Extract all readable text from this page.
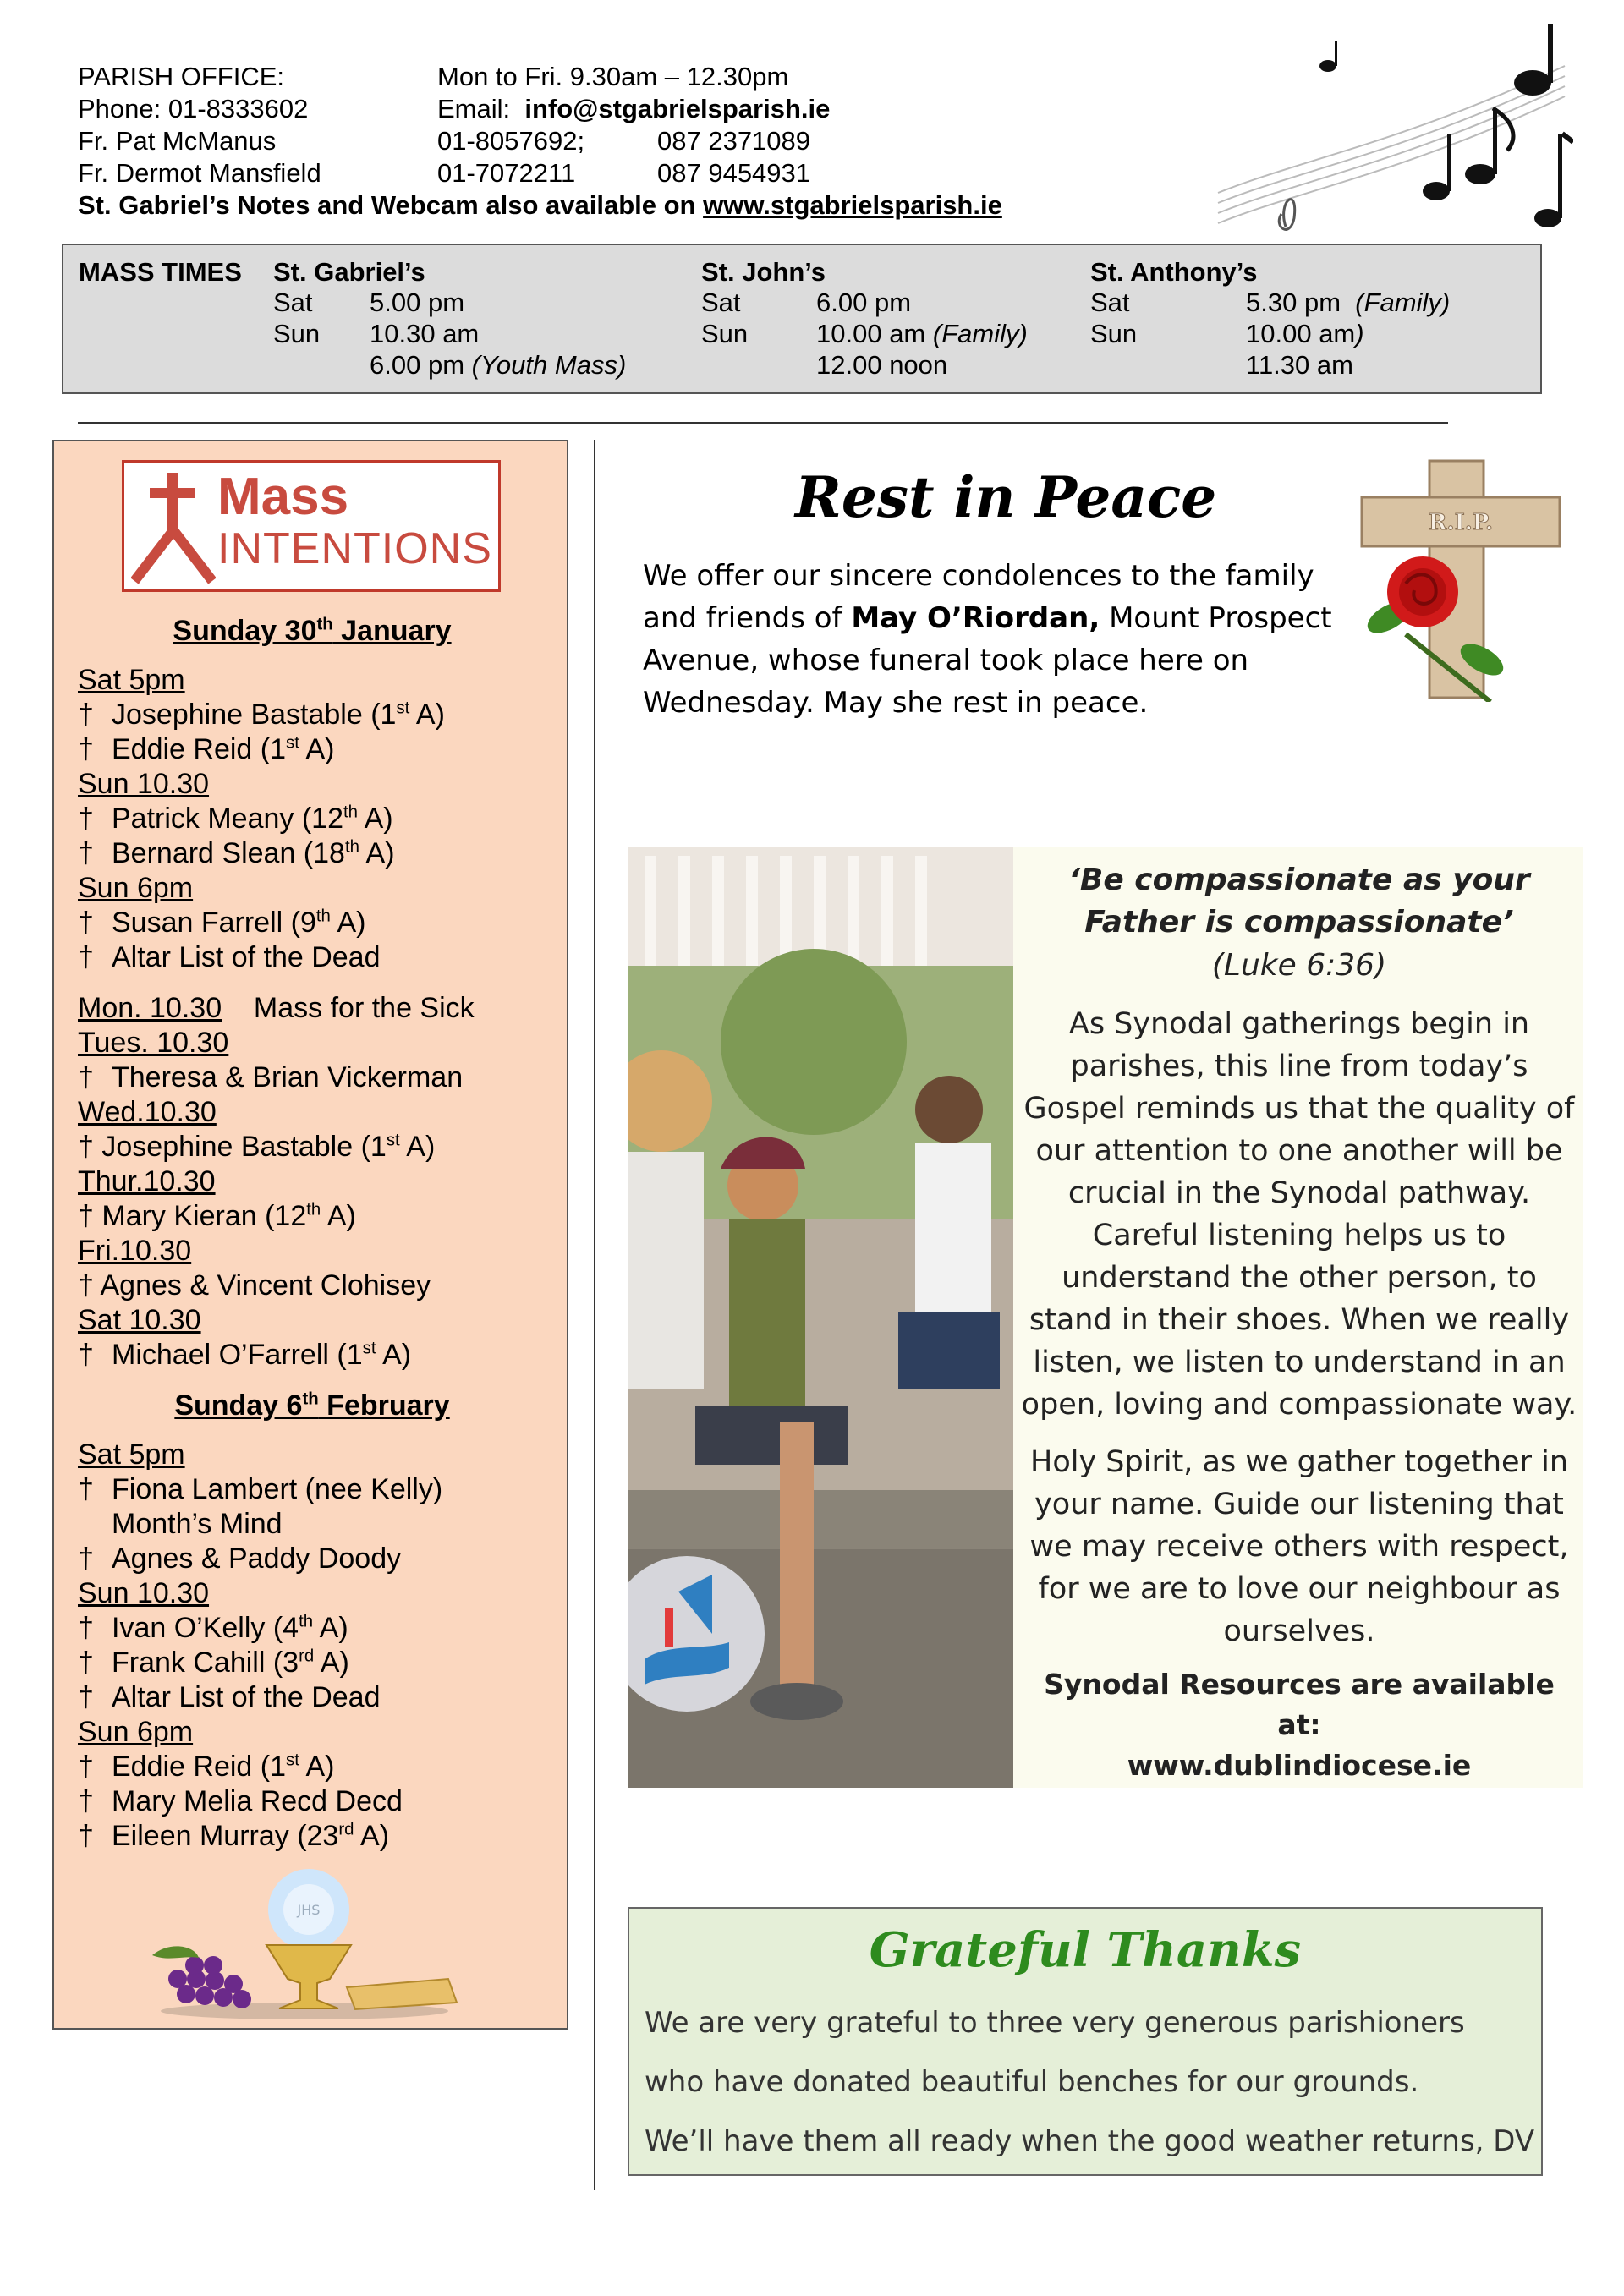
PARISH OFFICE:	Mon to Fri. 9.30am – 12.30pm
Phone: 01-8333602	Email:
info@stgabrielsparish.ie
Fr. Pat McManus	01-8057692;	087 2371089
Fr. Dermot Mansfield	01-7072211	087 9454931
St. Gabriel’s Notes and Webcam also available on
www.stgabrielsparish.ie
MASS TIMES St. Gabriel’s
Sat 5.00 pm
Sun 10.30 am
6.00 pm (Youth Mass)
St. John’s
Sat	6.00 pm
Sun	10.00 am (Family)
12.00 noon
St. Anthony’s
Sat	5.30 pm (Family)
Sun	10.00 am)
11.30 am
Mass
INTENTIONS
Sunday 30th January
Sat 5pm
† Josephine Bastable (1st A)
† Eddie Reid (1st A)
Sun 10.30
† Patrick Meany (12th A)
† Bernard Slean (18th A)
Sun 6pm
† Susan Farrell (9th A)
† Altar List of the Dead
Mon. 10.30 Mass for the Sick
Tues. 10.30
† Theresa & Brian Vickerman
Wed.10.30
† Josephine Bastable (1st A)
Thur.10.30
† Mary Kieran (12th A)
Fri.10.30
† Agnes & Vincent Clohisey
Sat 10.30
† Michael O’Farrell (1st A)
Sunday 6th February
Sat 5pm
† Fiona Lambert (nee Kelly)
Month’s Mind
† Agnes & Paddy Doody
Sun 10.30
† Ivan O’Kelly (4th A)
† Frank Cahill (3rd A)
† Altar List of the Dead
Sun 6pm
† Eddie Reid (1st A)
† Mary Melia Recd Decd
† Eileen Murray (23rd A)
JHS
Rest in Peace
We offer our sincere condolences to the family and friends of May O’Riordan, Mount Prospect Avenue, whose funeral took place here on Wednesday. May she rest in peace.
R.I.P.
‘Be compassionate as your Father is compassionate’
(Luke 6:36)
As Synodal gatherings begin in parishes, this line from today’s Gospel reminds us that the quality of our attention to one another will be crucial in the Synodal pathway. Careful listening helps us to understand the other person, to stand in their shoes. When we really listen, we listen to understand in an open, loving and compassionate way.
Holy Spirit, as we gather together in your name. Guide our listening that we may receive others with respect, for we are to love our neighbour as ourselves.
Synodal Resources are available at:
www.dublindiocese.ie
Grateful Thanks
We are very grateful to three very generous parishioners
who have donated beautiful benches for our grounds.
We’ll have them all ready when the good weather returns, DV
